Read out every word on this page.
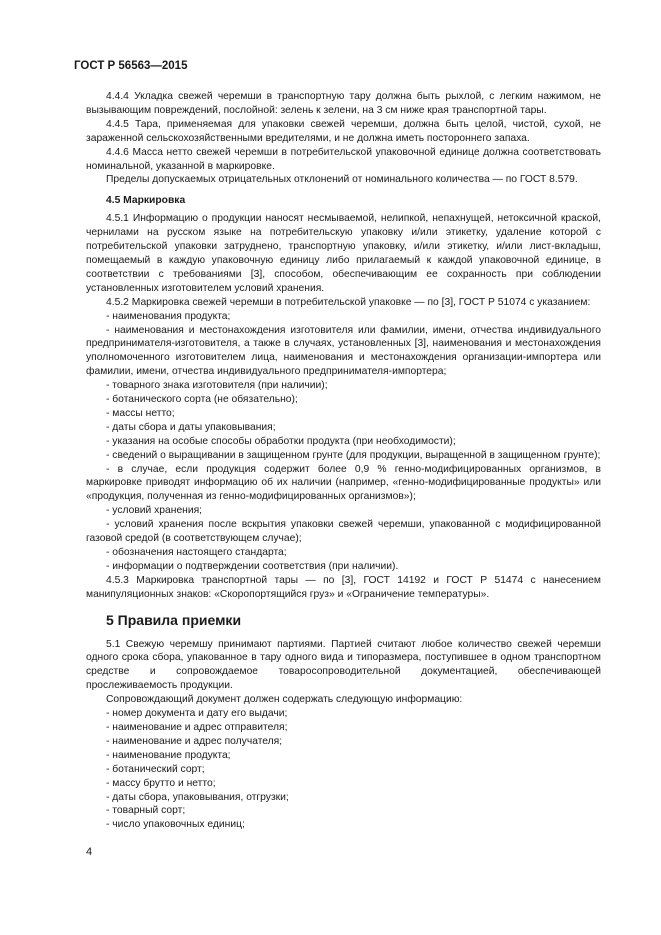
ГОСТ Р 56563—2015

4.4.4 Укладка свежей черемши в транспортную тару должна быть рыхлой, с легким нажимом, не вызывающим повреждений, послойной: зелень к зелени, на 3 см ниже края транспортной тары.

4.4.5 Тара, применяемая для упаковки свежей черемши, должна быть целой, чистой, сухой, не зараженной сельскохозяйственными вредителями, и не должна иметь постороннего запаха.

4.4.6 Масса нетто свежей черемши в потребительской упаковочной единице должна соответствовать номинальной, указанной в маркировке.

Пределы допускаемых отрицательных отклонений от номинального количества — по ГОСТ 8.579.

4.5 Маркировка

4.5.1 Информацию о продукции наносят несмываемой, нелипкой, непахнущей, нетоксичной краской, чернилами на русском языке на потребительскую упаковку и/или этикетку, удаление которой с потребительской упаковки затруднено, транспортную упаковку, и/или этикетку, и/или лист-вкладыш, помещаемый в каждую упаковочную единицу либо прилагаемый к каждой упаковочной единице, в соответствии с требованиями [3], способом, обеспечивающим ее сохранность при соблюдении установленных изготовителем условий хранения.

4.5.2 Маркировка свежей черемши в потребительской упаковке — по [3], ГОСТ Р 51074 с указанием:

- наименования продукта;

- наименования и местонахождения изготовителя или фамилии, имени, отчества индивидуального предпринимателя-изготовителя, а также в случаях, установленных [3], наименования и местонахождения уполномоченного изготовителем лица, наименования и местонахождения организации-импортера или фамилии, имени, отчества индивидуального предпринимателя-импортера;

- товарного знака изготовителя (при наличии);

- ботанического сорта (не обязательно);

- массы нетто;

- даты сбора и даты упаковывания;

- указания на особые способы обработки продукта (при необходимости);

- сведений о выращивании в защищенном грунте (для продукции, выращенной в защищенном грунте);

- в случае, если продукция содержит более 0,9 % генно-модифицированных организмов, в маркировке приводят информацию об их наличии (например, «генно-модифицированные продукты» или «продукция, полученная из генно-модифицированных организмов»);

- условий хранения;

- условий хранения после вскрытия упаковки свежей черемши, упакованной с модифицированной газовой средой (в соответствующем случае);

- обозначения настоящего стандарта;

- информации о подтверждении соответствия (при наличии).

4.5.3 Маркировка транспортной тары — по [3], ГОСТ 14192 и ГОСТ Р 51474 с нанесением манипуляционных знаков: «Скоропортящийся груз» и «Ограничение температуры».

5 Правила приемки

5.1 Свежую черемшу принимают партиями. Партией считают любое количество свежей черемши одного срока сбора, упакованное в тару одного вида и типоразмера, поступившее в одном транспортном средстве и сопровождаемое товаросопроводительной документацией, обеспечивающей прослеживаемость продукции.

Сопровождающий документ должен содержать следующую информацию:

- номер документа и дату его выдачи;

- наименование и адрес отправителя;

- наименование и адрес получателя;

- наименование продукта;

- ботанический сорт;

- массу брутто и нетто;

- даты сбора, упаковывания, отгрузки;

- товарный сорт;

- число упаковочных единиц;

4
